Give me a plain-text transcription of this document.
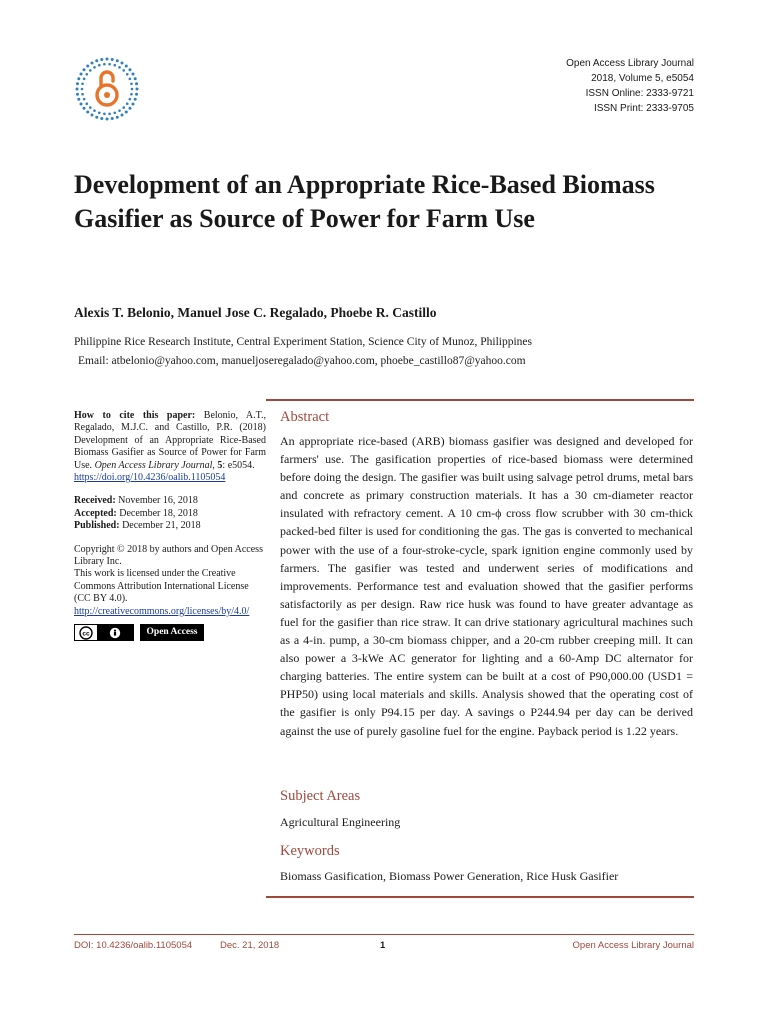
Open Access Library Journal
2018, Volume 5, e5054
ISSN Online: 2333-9721
ISSN Print: 2333-9705
Development of an Appropriate Rice-Based Biomass Gasifier as Source of Power for Farm Use
Alexis T. Belonio, Manuel Jose C. Regalado, Phoebe R. Castillo
Philippine Rice Research Institute, Central Experiment Station, Science City of Munoz, Philippines
Email: atbelonio@yahoo.com, manueljoseregalado@yahoo.com, phoebe_castillo87@yahoo.com
How to cite this paper: Belonio, A.T., Regalado, M.J.C. and Castillo, P.R. (2018) Development of an Appropriate Rice-Based Biomass Gasifier as Source of Power for Farm Use. Open Access Library Journal, 5: e5054.
https://doi.org/10.4236/oalib.1105054
Received: November 16, 2018
Accepted: December 18, 2018
Published: December 21, 2018
Copyright © 2018 by authors and Open Access Library Inc.
This work is licensed under the Creative Commons Attribution International License (CC BY 4.0).
http://creativecommons.org/licenses/by/4.0/
cc	Open Access
Abstract

An appropriate rice-based (ARB) biomass gasifier was designed and developed for farmers' use. The gasification properties of rice-based biomass were determined before doing the design. The gasifier was built using salvage petrol drums, metal bars and concrete as primary construction materials. It has a 30 cm-diameter reactor insulated with refractory cement. A 10 cm-ϕ cross flow scrubber with 30 cm-thick packed-bed filter is used for conditioning the gas. The gas is converted to mechanical power with the use of a four-stroke-cycle, spark ignition engine commonly used by farmers. The gasifier was tested and underwent series of modifications and improvements. Performance test and evaluation showed that the gasifier performs satisfactorily as per design. Raw rice husk was found to have greater advantage as fuel for the gasifier than rice straw. It can drive stationary agricultural machines such as a 4-in. pump, a 30-cm biomass chipper, and a 20-cm rubber creeping mill. It can also power a 3-kWe AC generator for lighting and a 60-Amp DC alternator for charging batteries. The entire system can be built at a cost of P90,000.00 (USD1 = PHP50) using local materials and skills. Analysis showed that the operating cost of the gasifier is only P94.15 per day. A savings o P244.94 per day can be derived against the use of purely gasoline fuel for the engine. Payback period is 1.22 years.

Subject Areas
Agricultural Engineering
Keywords
Biomass Gasification, Biomass Power Generation, Rice Husk Gasifier
DOI: 10.4236/oalib.1105054	Dec. 21, 2018	1	Open Access Library Journal
